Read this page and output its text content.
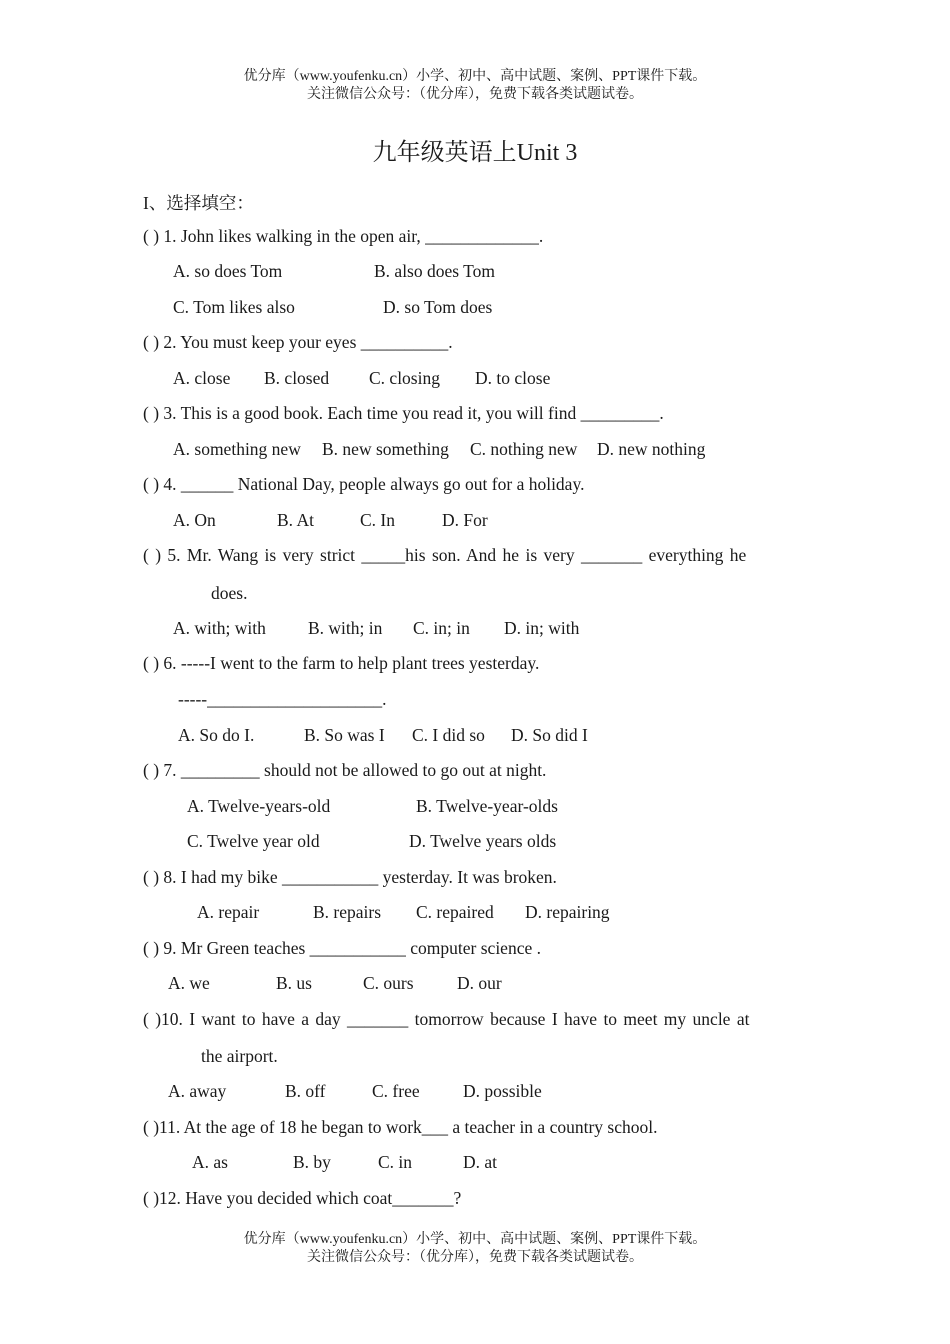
优分库（www.youfenku.cn）小学、初中、高中试题、案例、PPT课件下载。
关注微信公众号：（优分库），免费下载各类试题试卷。
九年级英语上Unit 3
I、选择填空：
( ) 1. John likes walking in the open air, _____________.
A. so does Tom	B. also does Tom
C. Tom likes also	D. so Tom does
( ) 2. You must keep your eyes __________.
A. close B. closed C. closing D. to close
( ) 3. This is a good book. Each time you read it, you will find _________.
A. something new B. new something C. nothing new D. new nothing
( ) 4. ______ National Day, people always go out for a holiday.
A. On	B. At	C. In	D. For
( ) 5. Mr. Wang is very strict _____his son. And he is very _______ everything he
does.
A. with; with B. with; in C. in; in D. in; with
( ) 6. -----I went to the farm to help plant trees yesterday.
-----____________________.
A. So do I.	B. So was I C. I did so D. So did I
( ) 7. _________ should not be allowed to go out at night.
A. Twelve-years-old	B. Twelve-year-olds
C. Twelve year old	D. Twelve years olds
( ) 8. I had my bike ___________ yesterday. It was broken.
A. repair	B. repairs C. repaired D. repairing
( ) 9. Mr Green teaches ___________ computer science .
A. we	B. us	C. ours D. our
( )10. I want to have a day _______ tomorrow because I have to meet my uncle at
the airport.
A. away	B. off	C. free D. possible
( )11. At the age of 18 he began to work___ a teacher in a country school.
A. as	B. by	C. in	D. at
( )12. Have you decided which coat_______?
优分库（www.youfenku.cn）小学、初中、高中试题、案例、PPT课件下载。
关注微信公众号：（优分库），免费下载各类试题试卷。
